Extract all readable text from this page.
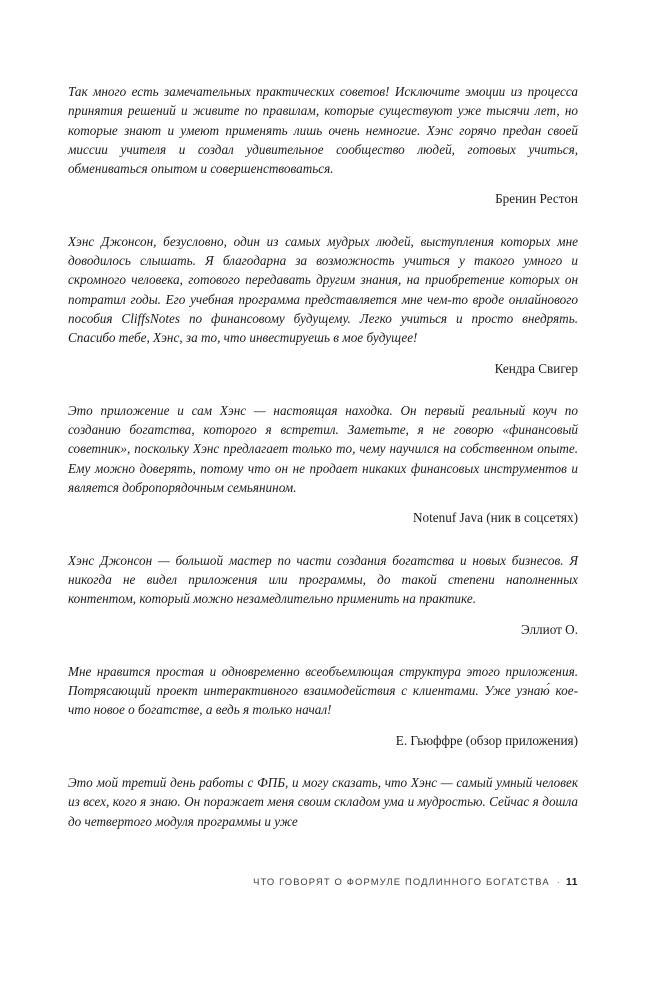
Так много есть замечательных практических советов! Исключите эмоции из процесса принятия решений и живите по правилам, которые существуют уже тысячи лет, но которые знают и умеют применять лишь очень немногие. Хэнс горячо предан своей миссии учителя и создал удивительное сообщество людей, готовых учиться, обмениваться опытом и совершенствоваться.

Бренин Рестон

Хэнс Джонсон, безусловно, один из самых мудрых людей, выступления которых мне доводилось слышать. Я благодарна за возможность учиться у такого умного и скромного человека, готового передавать другим знания, на приобретение которых он потратил годы. Его учебная программа представляется мне чем-то вроде онлайнового пособия CliffsNotes по финансовому будущему. Легко учиться и просто внедрять. Спасибо тебе, Хэнс, за то, что инвестируешь в мое будущее!

Кендра Свигер

Это приложение и сам Хэнс — настоящая находка. Он первый реальный коуч по созданию богатства, которого я встретил. Заметьте, я не говорю «финансовый советник», поскольку Хэнс предлагает только то, чему научился на собственном опыте. Ему можно доверять, потому что он не продает никаких финансовых инструментов и является добропорядочным семьянином.

Notenuf Java (ник в соцсетях)

Хэнс Джонсон — большой мастер по части создания богатства и новых бизнесов. Я никогда не видел приложения или программы, до такой степени наполненных контентом, который можно незамедлительно применить на практике.

Эллиот О.

Мне нравится простая и одновременно всеобъемлющая структура этого приложения. Потрясающий проект интерактивного взаимодействия с клиентами. Уже узнаю́ кое-что новое о богатстве, а ведь я только начал!

Е. Гьюффре (обзор приложения)

Это мой третий день работы с ФПБ, и могу сказать, что Хэнс — самый умный человек из всех, кого я знаю. Он поражает меня своим складом ума и мудростью. Сейчас я дошла до четвертого модуля программы и уже

ЧТО ГОВОРЯТ О ФОРМУЛЕ ПОДЛИННОГО БОГАТСТВА · 11
